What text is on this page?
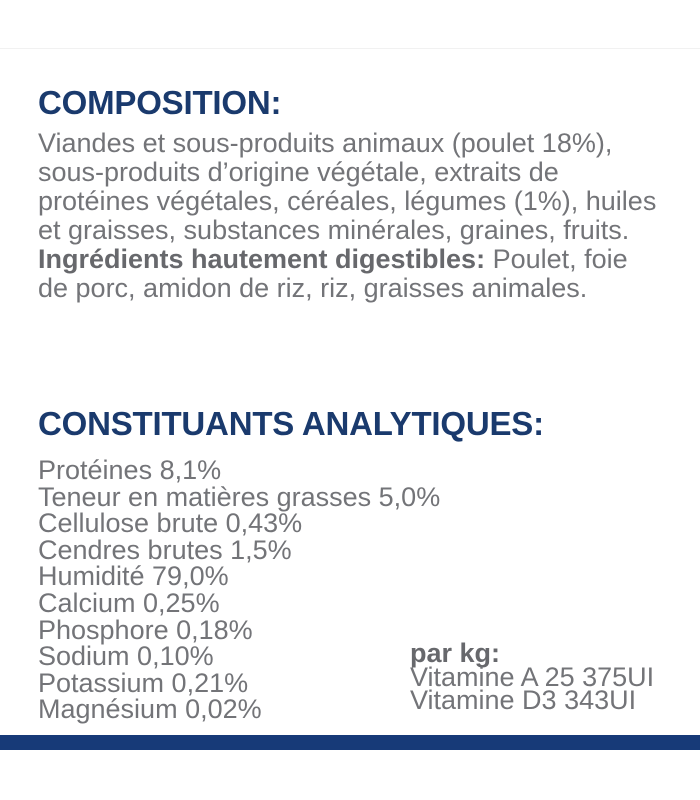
COMPOSITION:
Viandes et sous-produits animaux (poulet 18%),
sous-produits d’origine végétale, extraits de
protéines végétales, céréales, légumes (1%), huiles
et graisses, substances minérales, graines, fruits.
Ingrédients hautement digestibles: Poulet, foie
de porc, amidon de riz, riz, graisses animales.
CONSTITUANTS ANALYTIQUES:
Protéines 8,1%
Teneur en matières grasses 5,0%
Cellulose brute 0,43%
Cendres brutes 1,5%
Humidité 79,0%
Calcium 0,25%
Phosphore 0,18%
Sodium 0,10%
Potassium 0,21%
Magnésium 0,02%
par kg:
Vitamine A 25 375UI
Vitamine D3 343UI
